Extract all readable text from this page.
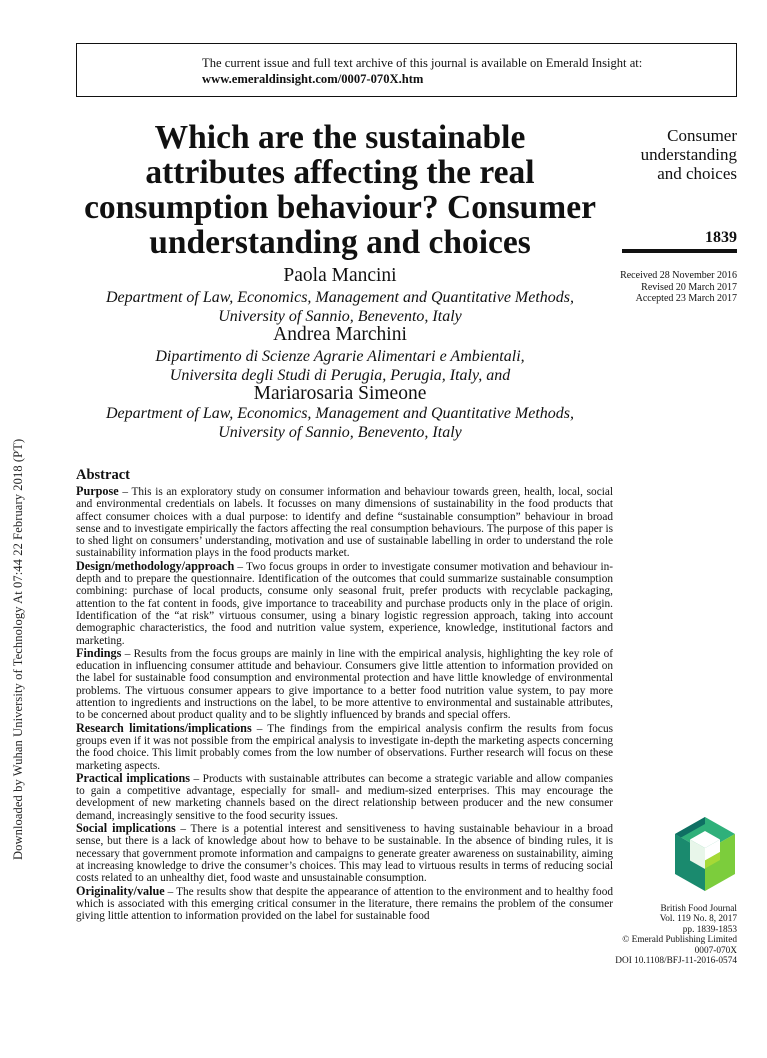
Downloaded by Wuhan University of Technology At 07:44 22 February 2018 (PT)
The current issue and full text archive of this journal is available on Emerald Insight at:
www.emeraldinsight.com/0007-070X.htm
Which are the sustainable
attributes affecting the real
consumption behaviour? Consumer
understanding and choices
Paola Mancini
Department of Law, Economics, Management and Quantitative Methods,
University of Sannio, Benevento, Italy
Andrea Marchini
Dipartimento di Scienze Agrarie Alimentari e Ambientali,
Universita degli Studi di Perugia, Perugia, Italy, and
Mariarosaria Simeone
Department of Law, Economics, Management and Quantitative Methods,
University of Sannio, Benevento, Italy
Consumer
understanding
and choices
1839
Received 28 November 2016
Revised 20 March 2017
Accepted 23 March 2017
Abstract

Purpose – This is an exploratory study on consumer information and behaviour towards green, health, local, social and environmental credentials on labels. It focusses on many dimensions of sustainability in the food products that affect consumer choices with a dual purpose: to identify and define “sustainable consumption” behaviour in broad sense and to investigate empirically the factors affecting the real consumption behaviours. The purpose of this paper is to shed light on consumers’ understanding, motivation and use of sustainable labelling in order to understand the role sustainability information plays in the food products market.

Design/methodology/approach – Two focus groups in order to investigate consumer motivation and behaviour in-depth and to prepare the questionnaire. Identification of the outcomes that could summarize sustainable consumption combining: purchase of local products, consume only seasonal fruit, prefer products with recyclable packaging, attention to the fat content in foods, give importance to traceability and purchase products only in the place of origin. Identification of the “at risk” virtuous consumer, using a binary logistic regression approach, taking into account demographic characteristics, the food and nutrition value system, experience, knowledge, institutional factors and marketing.

Findings – Results from the focus groups are mainly in line with the empirical analysis, highlighting the key role of education in influencing consumer attitude and behaviour. Consumers give little attention to information provided on the label for sustainable food consumption and environmental protection and have little knowledge of environmental problems. The virtuous consumer appears to give importance to a better food nutrition value system, to pay more attention to ingredients and instructions on the label, to be more attentive to environmental and sustainable attributes, to be concerned about product quality and to be slightly influenced by brands and special offers.

Research limitations/implications – The findings from the empirical analysis confirm the results from focus groups even if it was not possible from the empirical analysis to investigate in-depth the marketing aspects concerning the food choice. This limit probably comes from the low number of observations. Further research will focus on these marketing aspects.

Practical implications – Products with sustainable attributes can become a strategic variable and allow companies to gain a competitive advantage, especially for small- and medium-sized enterprises. This may encourage the development of new marketing channels based on the direct relationship between producer and the new consumer demand, increasingly sensitive to the food security issues.

Social implications – There is a potential interest and sensitiveness to having sustainable behaviour in a broad sense, but there is a lack of knowledge about how to behave to be sustainable. In the absence of binding rules, it is necessary that government promote information and campaigns to generate greater awareness on sustainability, aiming at increasing knowledge to drive the consumer’s choices. This may lead to virtuous results in terms of reducing social costs related to an unhealthy diet, food waste and unsustainable consumption.

Originality/value – The results show that despite the appearance of attention to the environment and to healthy food which is associated with this emerging critical consumer in the literature, there remains the problem of the consumer giving little attention to information provided on the label for sustainable food

British Food Journal
Vol. 119 No. 8, 2017
pp. 1839-1853
© Emerald Publishing Limited
0007-070X
DOI 10.1108/BFJ-11-2016-0574
